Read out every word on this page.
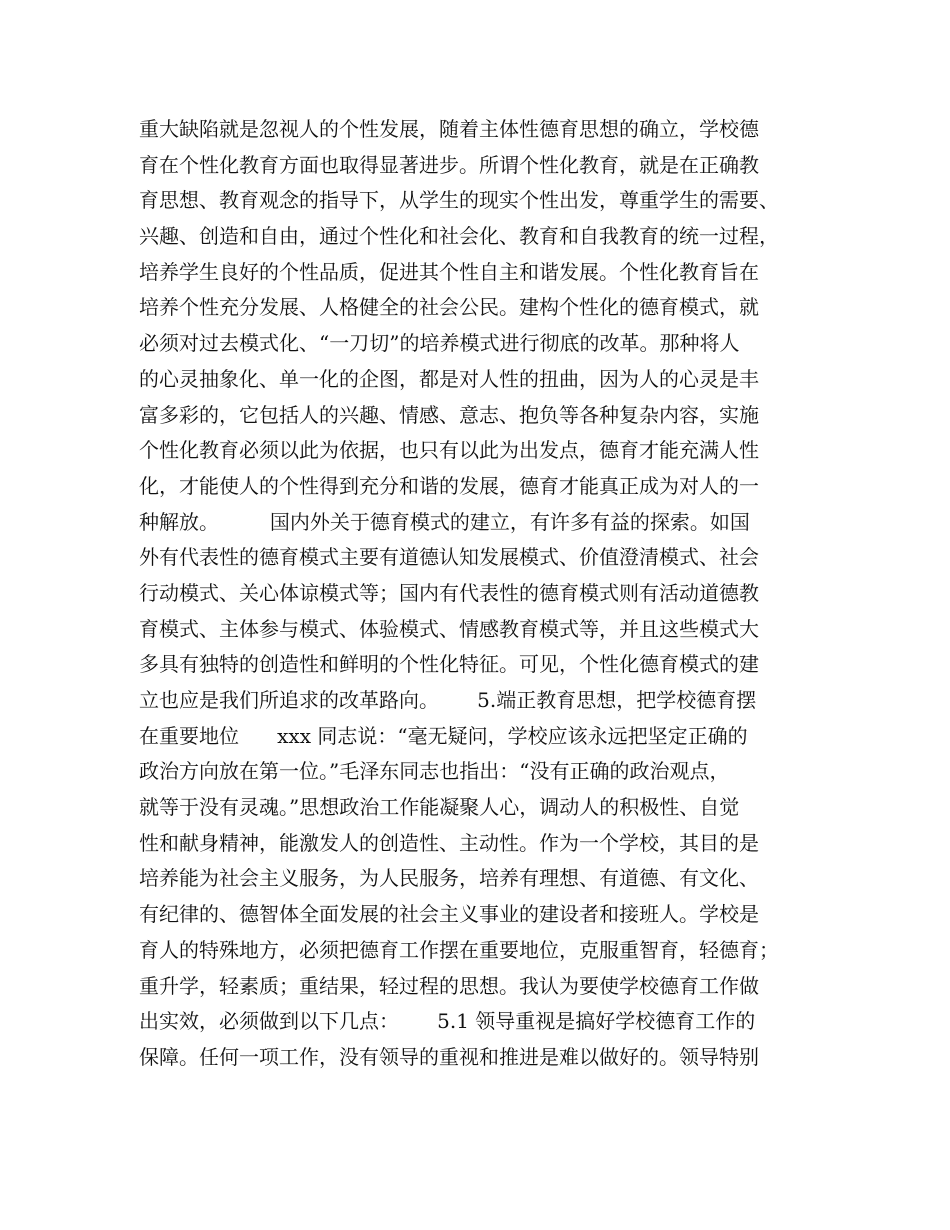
重大缺陷就是忽视人的个性发展，随着主体性德育思想的确立，学校德
育在个性化教育方面也取得显著进步。所谓个性化教育，就是在正确教
育思想、教育观念的指导下，从学生的现实个性出发，尊重学生的需要、
兴趣、创造和自由，通过个性化和社会化、教育和自我教育的统一过程，
培养学生良好的个性品质，促进其个性自主和谐发展。个性化教育旨在
培养个性充分发展、人格健全的社会公民。建构个性化的德育模式，就
必须对过去模式化、“一刀切”的培养模式进行彻底的改革。那种将人
的心灵抽象化、单一化的企图，都是对人性的扭曲，因为人的心灵是丰
富多彩的，它包括人的兴趣、情感、意志、抱负等各种复杂内容，实施
个性化教育必须以此为依据，也只有以此为出发点，德育才能充满人性
化，才能使人的个性得到充分和谐的发展，德育才能真正成为对人的一
种解放。        国内外关于德育模式的建立，有许多有益的探索。如国
外有代表性的德育模式主要有道德认知发展模式、价值澄清模式、社会
行动模式、关心体谅模式等；国内有代表性的德育模式则有活动道德教
育模式、主体参与模式、体验模式、情感教育模式等，并且这些模式大
多具有独特的创造性和鲜明的个性化特征。可见，个性化德育模式的建
立也应是我们所追求的改革路向。      5.端正教育思想，把学校德育摆
在重要地位      xxx 同志说：“毫无疑问，学校应该永远把坚定正确的
政治方向放在第一位。”毛泽东同志也指出：“没有正确的政治观点，
就等于没有灵魂。”思想政治工作能凝聚人心，调动人的积极性、自觉
性和献身精神，能激发人的创造性、主动性。作为一个学校，其目的是
培养能为社会主义服务，为人民服务，培养有理想、有道德、有文化、
有纪律的、德智体全面发展的社会主义事业的建设者和接班人。学校是
育人的特殊地方，必须把德育工作摆在重要地位，克服重智育，轻德育；
重升学，轻素质；重结果，轻过程的思想。我认为要使学校德育工作做
出实效，必须做到以下几点：      5.1 领导重视是搞好学校德育工作的
保障。任何一项工作，没有领导的重视和推进是难以做好的。领导特别
